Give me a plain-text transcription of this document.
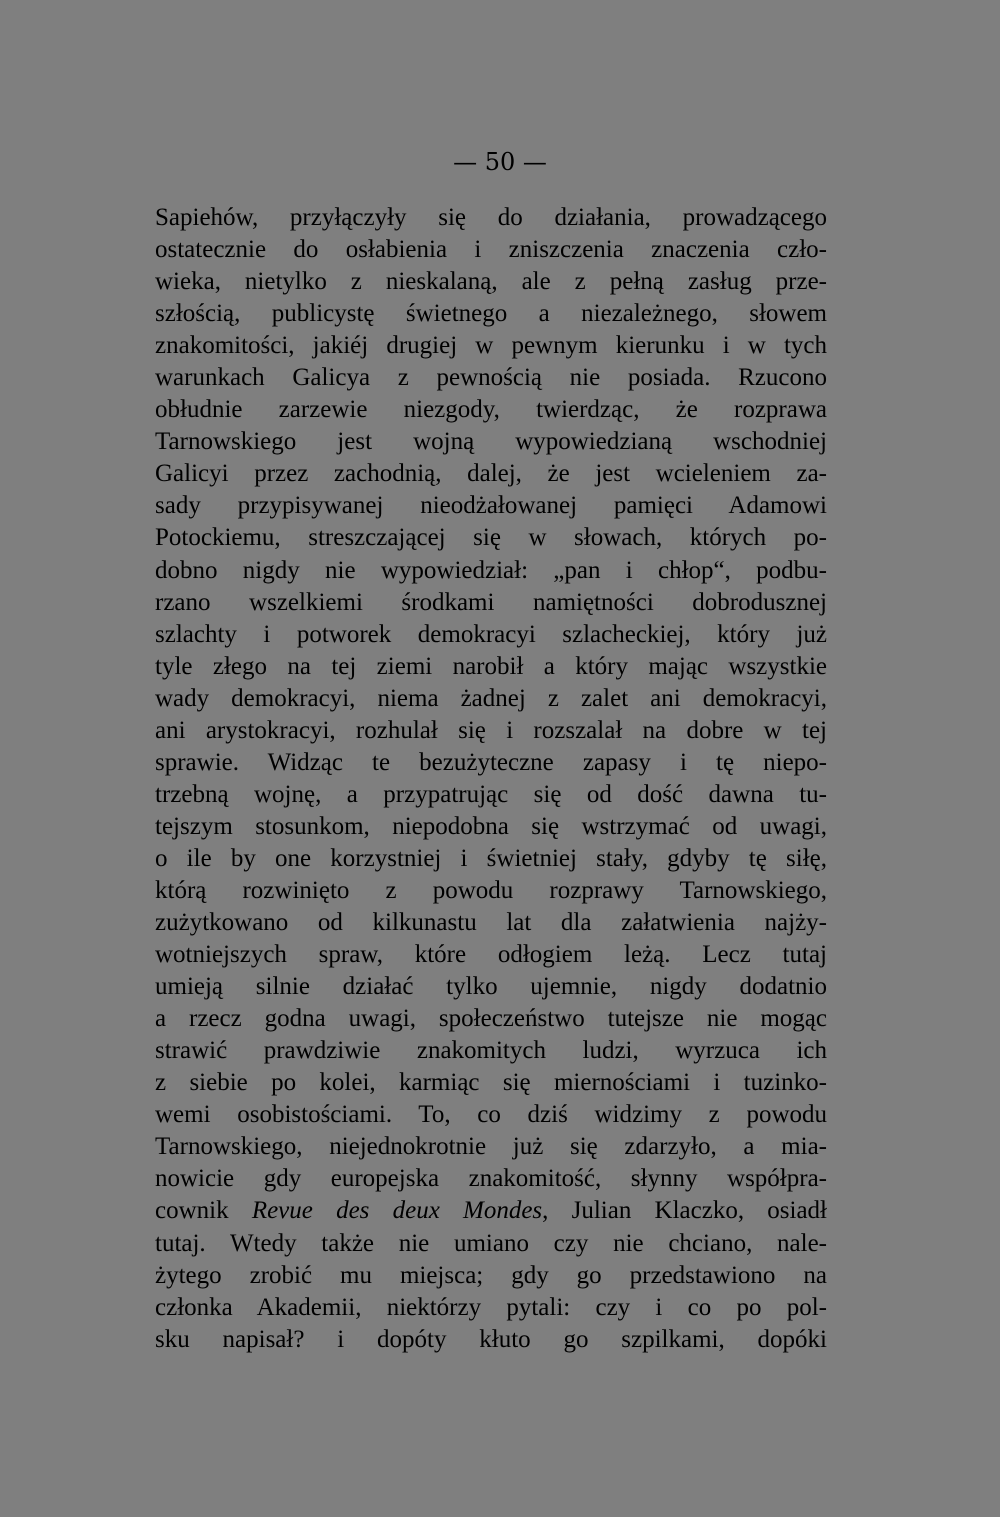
— 50 —
Sapiehów, przyłączyły się do działania, prowadzącego
ostatecznie do osłabienia i zniszczenia znaczenia czło-
wieka, nietylko z nieskalaną, ale z pełną zasług prze-
szłością, publicystę świetnego a niezależnego, słowem
znakomitości, jakiéj drugiej w pewnym kierunku i w tych
warunkach Galicya z pewnością nie posiada. Rzucono
obłudnie zarzewie niezgody, twierdząc, że rozprawa
Tarnowskiego jest wojną wypowiedzianą wschodniej
Galicyi przez zachodnią, dalej, że jest wcieleniem za-
sady przypisywanej nieodżałowanej pamięci Adamowi
Potockiemu, streszczającej się w słowach, których po-
dobno nigdy nie wypowiedział: „pan i chłop“, podbu-
rzano wszelkiemi środkami namiętności dobrodusznej
szlachty i potworek demokracyi szlacheckiej, który już
tyle złego na tej ziemi narobił a który mając wszystkie
wady demokracyi, niema żadnej z zalet ani demokracyi,
ani arystokracyi, rozhulał się i rozszalał na dobre w tej
sprawie. Widząc te bezużyteczne zapasy i tę niepo-
trzebną wojnę, a przypatrując się od dość dawna tu-
tejszym stosunkom, niepodobna się wstrzymać od uwagi,
o ile by one korzystniej i świetniej stały, gdyby tę siłę,
którą rozwinięto z powodu rozprawy Tarnowskiego,
zużytkowano od kilkunastu lat dla załatwienia najży-
wotniejszych spraw, które odłogiem leżą. Lecz tutaj
umieją silnie działać tylko ujemnie, nigdy dodatnio
a rzecz godna uwagi, społeczeństwo tutejsze nie mogąc
strawić prawdziwie znakomitych ludzi, wyrzuca ich
z siebie po kolei, karmiąc się miernościami i tuzinko-
wemi osobistościami. To, co dziś widzimy z powodu
Tarnowskiego, niejednokrotnie już się zdarzyło, a mia-
nowicie gdy europejska znakomitość, słynny współpra-
cownik Revue des deux Mondes, Julian Klaczko, osiadł
tutaj. Wtedy także nie umiano czy nie chciano, nale-
żytego zrobić mu miejsca; gdy go przedstawiono na
członka Akademii, niektórzy pytali: czy i co po pol-
sku napisał? i dopóty kłuto go szpilkami, dopóki
